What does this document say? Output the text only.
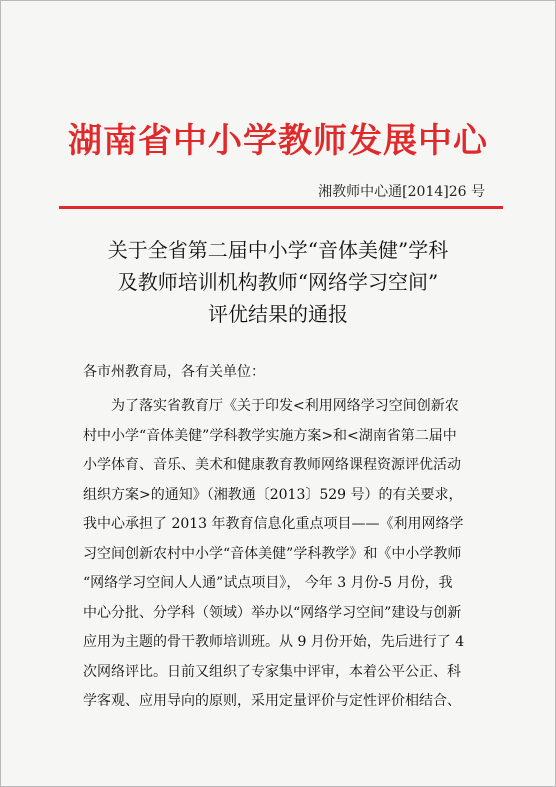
湖南省中小学教师发展中心
湘教师中心通[2014]26 号
关于全省第二届中小学“音体美健”学科
及教师培训机构教师“网络学习空间”
评优结果的通报
各市州教育局，各有关单位：
为了落实省教育厅《关于印发<利用网络学习空间创新农
村中小学“音体美健”学科教学实施方案>和<湖南省第二届中
小学体育、音乐、美术和健康教育教师网络课程资源评优活动
组织方案>的通知》（湘教通〔2013〕529 号）的有关要求，
我中心承担了 2013 年教育信息化重点项目——《利用网络学
习空间创新农村中小学“音体美健”学科教学》和《中小学教师
“网络学习空间人人通”试点项目》， 今年 3 月份-5 月份，我
中心分批、分学科（领域）举办以“网络学习空间”建设与创新
应用为主题的骨干教师培训班。从 9 月份开始，先后进行了 4
次网络评比。日前又组织了专家集中评审，本着公平公正、科
学客观、应用导向的原则，采用定量评价与定性评价相结合、
